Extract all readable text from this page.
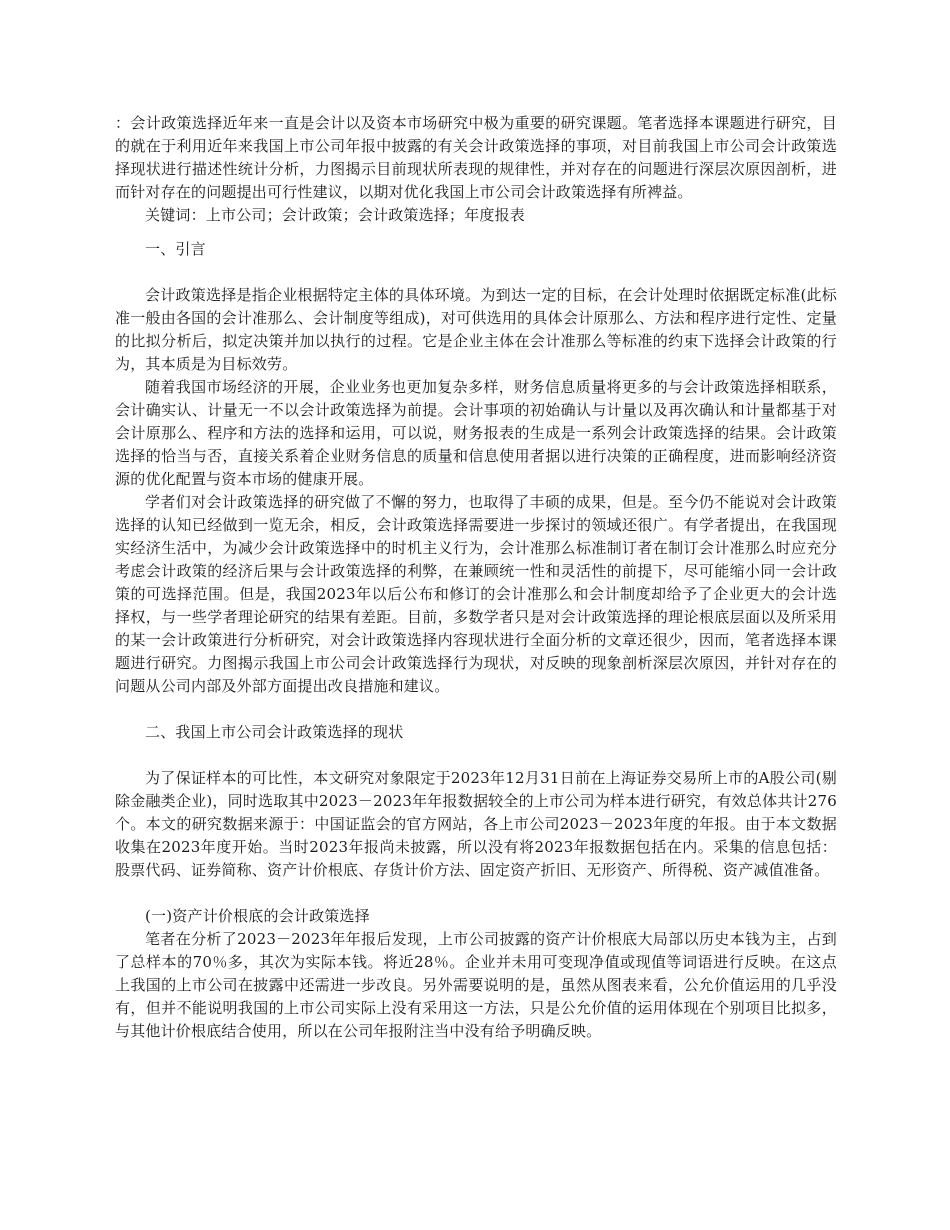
：会计政策选择近年来一直是会计以及资本市场研究中极为重要的研究课题。笔者选择本课题进行研究，目的就在于利用近年来我国上市公司年报中披露的有关会计政策选择的事项，对目前我国上市公司会计政策选择现状进行描述性统计分析，力图揭示目前现状所表现的规律性，并对存在的问题进行深层次原因剖析，进而针对存在的问题提出可行性建议，以期对优化我国上市公司会计政策选择有所裨益。

关键词：上市公司；会计政策；会计政策选择；年度报表

一、引言

会计政策选择是指企业根据特定主体的具体环境。为到达一定的目标，在会计处理时依据既定标准(此标准一般由各国的会计准那么、会计制度等组成)，对可供选用的具体会计原那么、方法和程序进行定性、定量的比拟分析后，拟定决策并加以执行的过程。它是企业主体在会计准那么等标准的约束下选择会计政策的行为，其本质是为目标效劳。

随着我国市场经济的开展，企业业务也更加复杂多样，财务信息质量将更多的与会计政策选择相联系，会计确实认、计量无一不以会计政策选择为前提。会计事项的初始确认与计量以及再次确认和计量都基于对会计原那么、程序和方法的选择和运用，可以说，财务报表的生成是一系列会计政策选择的结果。会计政策选择的恰当与否，直接关系着企业财务信息的质量和信息使用者据以进行决策的正确程度，进而影响经济资源的优化配置与资本市场的健康开展。

学者们对会计政策选择的研究做了不懈的努力，也取得了丰硕的成果，但是。至今仍不能说对会计政策选择的认知已经做到一览无余，相反，会计政策选择需要进一步探讨的领域还很广。有学者提出，在我国现实经济生活中，为减少会计政策选择中的时机主义行为，会计准那么标准制订者在制订会计准那么时应充分考虑会计政策的经济后果与会计政策选择的利弊，在兼顾统一性和灵活性的前提下，尽可能缩小同一会计政策的可选择范围。但是，我国2023年以后公布和修订的会计准那么和会计制度却给予了企业更大的会计选择权，与一些学者理论研究的结果有差距。目前，多数学者只是对会计政策选择的理论根底层面以及所采用的某一会计政策进行分析研究，对会计政策选择内容现状进行全面分析的文章还很少，因而，笔者选择本课题进行研究。力图揭示我国上市公司会计政策选择行为现状，对反映的现象剖析深层次原因，并针对存在的问题从公司内部及外部方面提出改良措施和建议。

二、我国上市公司会计政策选择的现状

为了保证样本的可比性，本文研究对象限定于2023年12月31日前在上海证券交易所上市的A股公司(剔除金融类企业)，同时选取其中2023－2023年年报数据较全的上市公司为样本进行研究，有效总体共计276个。本文的研究数据来源于：中国证监会的官方网站，各上市公司2023－2023年度的年报。由于本文数据收集在2023年度开始。当时2023年报尚未披露，所以没有将2023年报数据包括在内。采集的信息包括：股票代码、证券简称、资产计价根底、存货计价方法、固定资产折旧、无形资产、所得税、资产减值准备。

(一)资产计价根底的会计政策选择

笔者在分析了2023－2023年年报后发现，上市公司披露的资产计价根底大局部以历史本钱为主，占到了总样本的70％多，其次为实际本钱。将近28％。企业并未用可变现净值或现值等词语进行反映。在这点上我国的上市公司在披露中还需进一步改良。另外需要说明的是，虽然从图表来看，公允价值运用的几乎没有，但并不能说明我国的上市公司实际上没有采用这一方法，只是公允价值的运用体现在个别项目比拟多，与其他计价根底结合使用，所以在公司年报附注当中没有给予明确反映。
